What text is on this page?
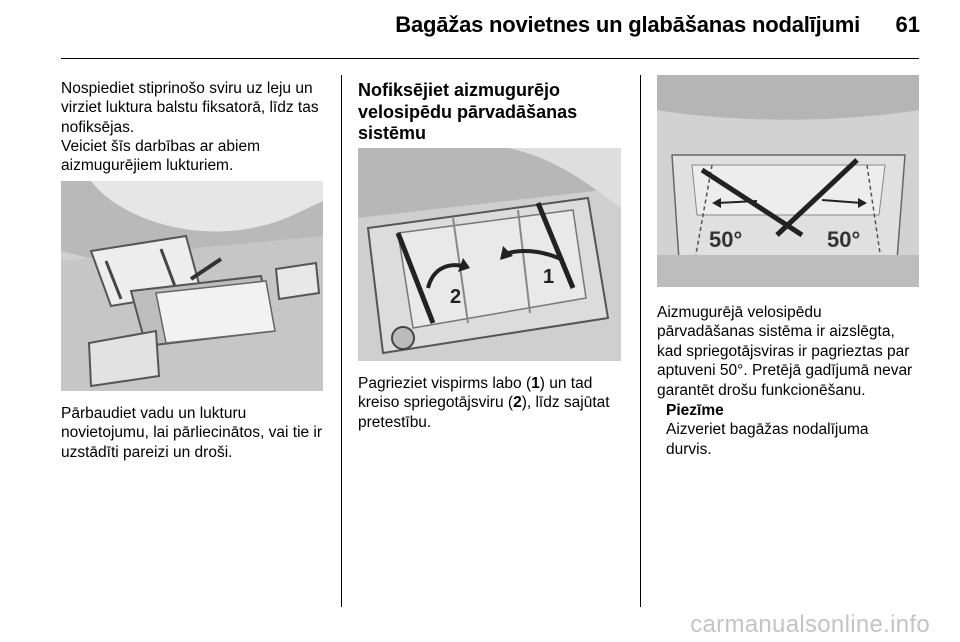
Bagāžas novietnes un glabāšanas nodalījumi	61

Nospiediet stiprinošo sviru uz leju un virziet luktura balstu fiksatorā, līdz tas nofiksējas.

Veiciet šīs darbības ar abiem aizmugurējiem lukturiem.

Pārbaudiet vadu un lukturu novietojumu, lai pārliecinātos, vai tie ir uzstādīti pareizi un droši.

Nofiksējiet aizmugurējo velosipēdu pārvadāšanas sistēmu
1
2

Pagrieziet vispirms labo (1) un tad kreiso spriegotājsviru (2), līdz sajūtat pretestību.

50°	50°

Aizmugurējā velosipēdu pārvadāšanas sistēma ir aizslēgta, kad spriegotājsviras ir pagrieztas par aptuveni 50°. Pretējā gadījumā nevar garantēt drošu funkcionēšanu.

Piezīme
Aizveriet bagāžas nodalījuma durvis.
carmanualsonline.info
